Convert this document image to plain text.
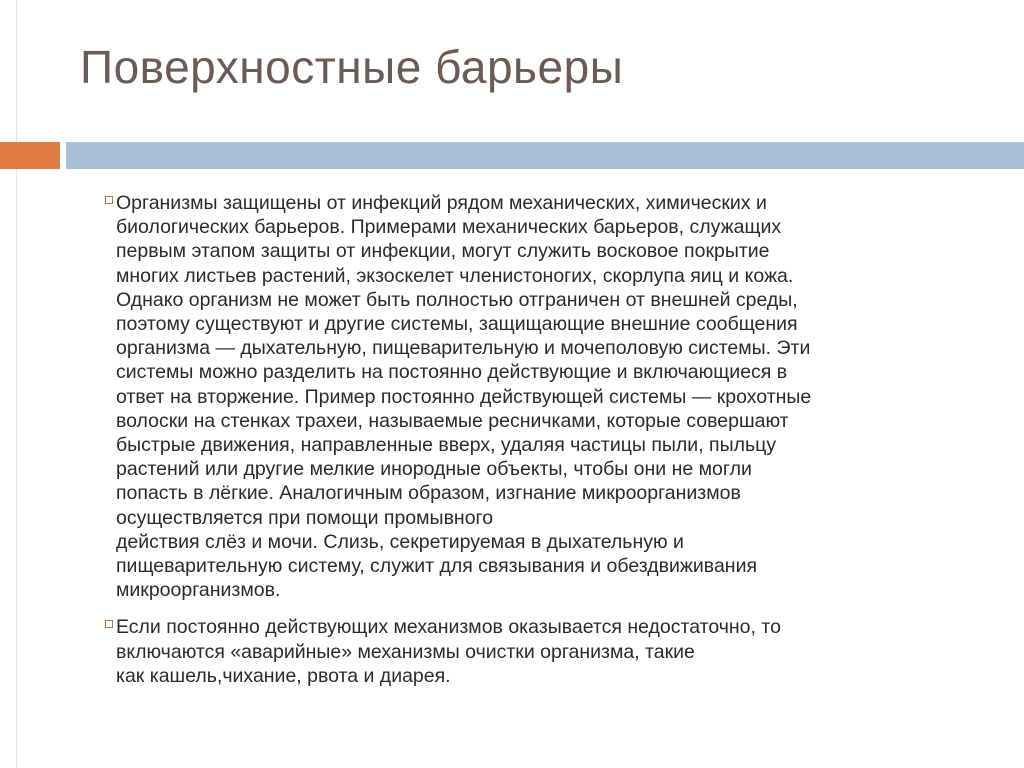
Поверхностные барьеры
Организмы защищены от инфекций рядом механических, химических и
биологических барьеров. Примерами механических барьеров, служащих
первым этапом защиты от инфекции, могут служить восковое покрытие
многих листьев растений, экзоскелет членистоногих, скорлупа яиц и кожа.
Однако организм не может быть полностью отграничен от внешней среды,
поэтому существуют и другие системы, защищающие внешние сообщения
организма — дыхательную, пищеварительную и мочеполовую системы. Эти
системы можно разделить на постоянно действующие и включающиеся в
ответ на вторжение. Пример постоянно действующей системы — крохотные
волоски на стенках трахеи, называемые ресничками, которые совершают
быстрые движения, направленные вверх, удаляя частицы пыли, пыльцу
растений или другие мелкие инородные объекты, чтобы они не могли
попасть в лёгкие. Аналогичным образом, изгнание микроорганизмов
осуществляется при помощи промывного
действия слёз и мочи. Слизь, секретируемая в дыхательную и
пищеварительную систему, служит для связывания и обездвиживания
микроорганизмов.
Если постоянно действующих механизмов оказывается недостаточно, то
включаются «аварийные» механизмы очистки организма, такие
как кашель,чихание, рвота и диарея.
